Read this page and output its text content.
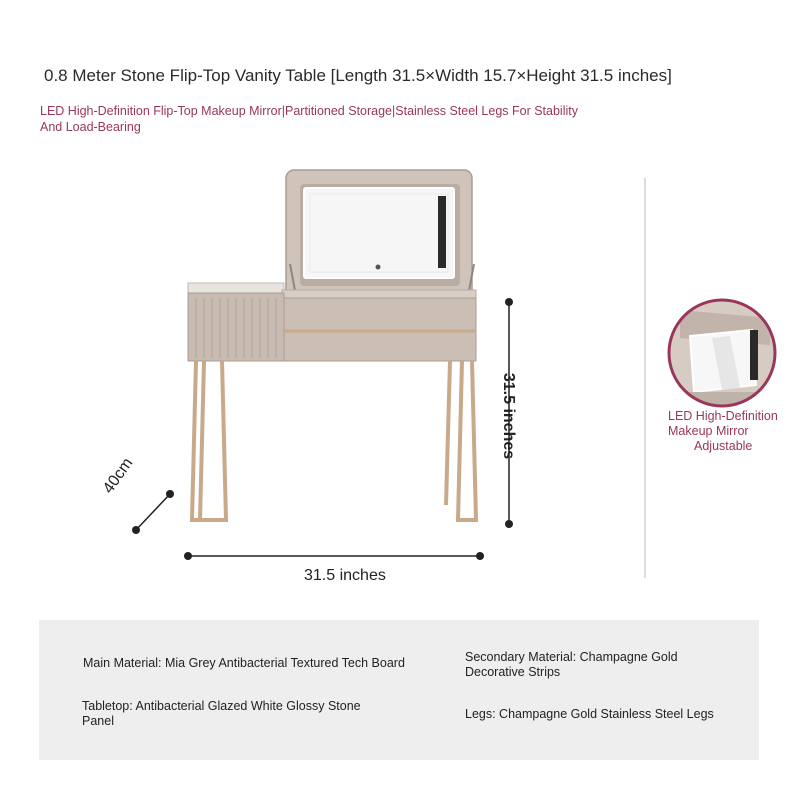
0.8 Meter Stone Flip-Top Vanity Table [Length 31.5×Width 15.7×Height 31.5 inches]
LED High-Definition Flip-Top Makeup Mirror|Partitioned Storage|Stainless Steel Legs For Stability And Load-Bearing
31.5 inches
31.5 inches
40cm
LED High-Definition
Makeup Mirror

Adjustable
Main Material: Mia Grey Antibacterial Textured Tech Board	Secondary Material: Champagne Gold Decorative Strips
Tabletop: Antibacterial Glazed White Glossy Stone Panel	Legs: Champagne Gold Stainless Steel Legs
